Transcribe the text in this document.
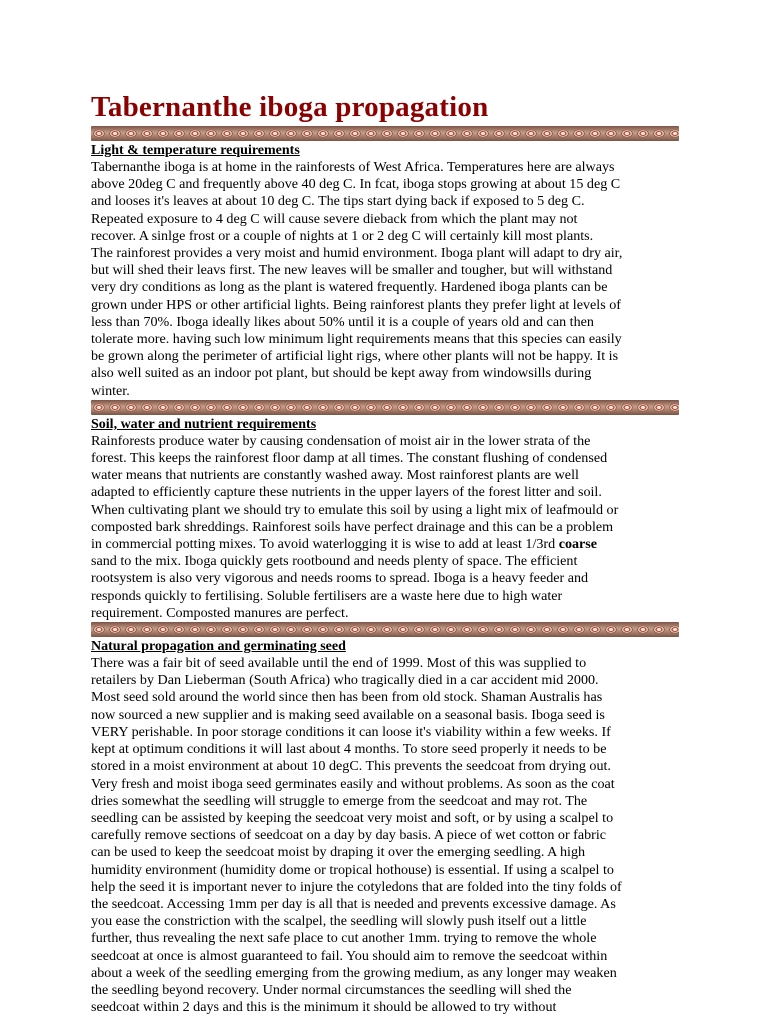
Tabernanthe iboga propagation
Light & temperature requirements
Tabernanthe iboga is at home in the rainforests of West Africa. Temperatures here are always
above 20deg C and frequently above 40 deg C. In fcat, iboga stops growing at about 15 deg C
and looses it's leaves at about 10 deg C. The tips start dying back if exposed to 5 deg C.
Repeated exposure to 4 deg C will cause severe dieback from which the plant may not
recover. A sinlge frost or a couple of nights at 1 or 2 deg C will certainly kill most plants.
The rainforest provides a very moist and humid environment. Iboga plant will adapt to dry air,
but will shed their leavs first. The new leaves will be smaller and tougher, but will withstand
very dry conditions as long as the plant is watered frequently. Hardened iboga plants can be
grown under HPS or other artificial lights. Being rainforest plants they prefer light at levels of
less than 70%. Iboga ideally likes about 50% until it is a couple of years old and can then
tolerate more. having such low minimum light requirements means that this species can easily
be grown along the perimeter of artificial light rigs, where other plants will not be happy. It is
also well suited as an indoor pot plant, but should be kept away from windowsills during
winter.
Soil, water and nutrient requirements
Rainforests produce water by causing condensation of moist air in the lower strata of the
forest. This keeps the rainforest floor damp at all times. The constant flushing of condensed
water means that nutrients are constantly washed away. Most rainforest plants are well
adapted to efficiently capture these nutrients in the upper layers of the forest litter and soil.
When cultivating plant we should try to emulate this soil by using a light mix of leafmould or
composted bark shreddings. Rainforest soils have perfect drainage and this can be a problem
in commercial potting mixes. To avoid waterlogging it is wise to add at least 1/3rd coarse
sand to the mix. Iboga quickly gets rootbound and needs plenty of space. The efficient
rootsystem is also very vigorous and needs rooms to spread. Iboga is a heavy feeder and
responds quickly to fertilising. Soluble fertilisers are a waste here due to high water
requirement. Composted manures are perfect.
Natural propagation and germinating seed
There was a fair bit of seed available until the end of 1999. Most of this was supplied to
retailers by Dan Lieberman (South Africa) who tragically died in a car accident mid 2000.
Most seed sold around the world since then has been from old stock. Shaman Australis has
now sourced a new supplier and is making seed available on a seasonal basis. Iboga seed is
VERY perishable. In poor storage conditions it can loose it's viability within a few weeks. If
kept at optimum conditions it will last about 4 months. To store seed properly it needs to be
stored in a moist environment at about 10 degC. This prevents the seedcoat from drying out.
Very fresh and moist iboga seed germinates easily and without problems. As soon as the coat
dries somewhat the seedling will struggle to emerge from the seedcoat and may rot. The
seedling can be assisted by keeping the seedcoat very moist and soft, or by using a scalpel to
carefully remove sections of seedcoat on a day by day basis. A piece of wet cotton or fabric
can be used to keep the seedcoat moist by draping it over the emerging seedling. A high
humidity environment (humidity dome or tropical hothouse) is essential. If using a scalpel to
help the seed it is important never to injure the cotyledons that are folded into the tiny folds of
the seedcoat. Accessing 1mm per day is all that is needed and prevents excessive damage. As
you ease the constriction with the scalpel, the seedling will slowly push itself out a little
further, thus revealing the next safe place to cut another 1mm. trying to remove the whole
seedcoat at once is almost guaranteed to fail. You should aim to remove the seedcoat within
about a week of the seedling emerging from the growing medium, as any longer may weaken
the seedling beyond recovery. Under normal circumstances the seedling will shed the
seedcoat within 2 days and this is the minimum it should be allowed to try without
